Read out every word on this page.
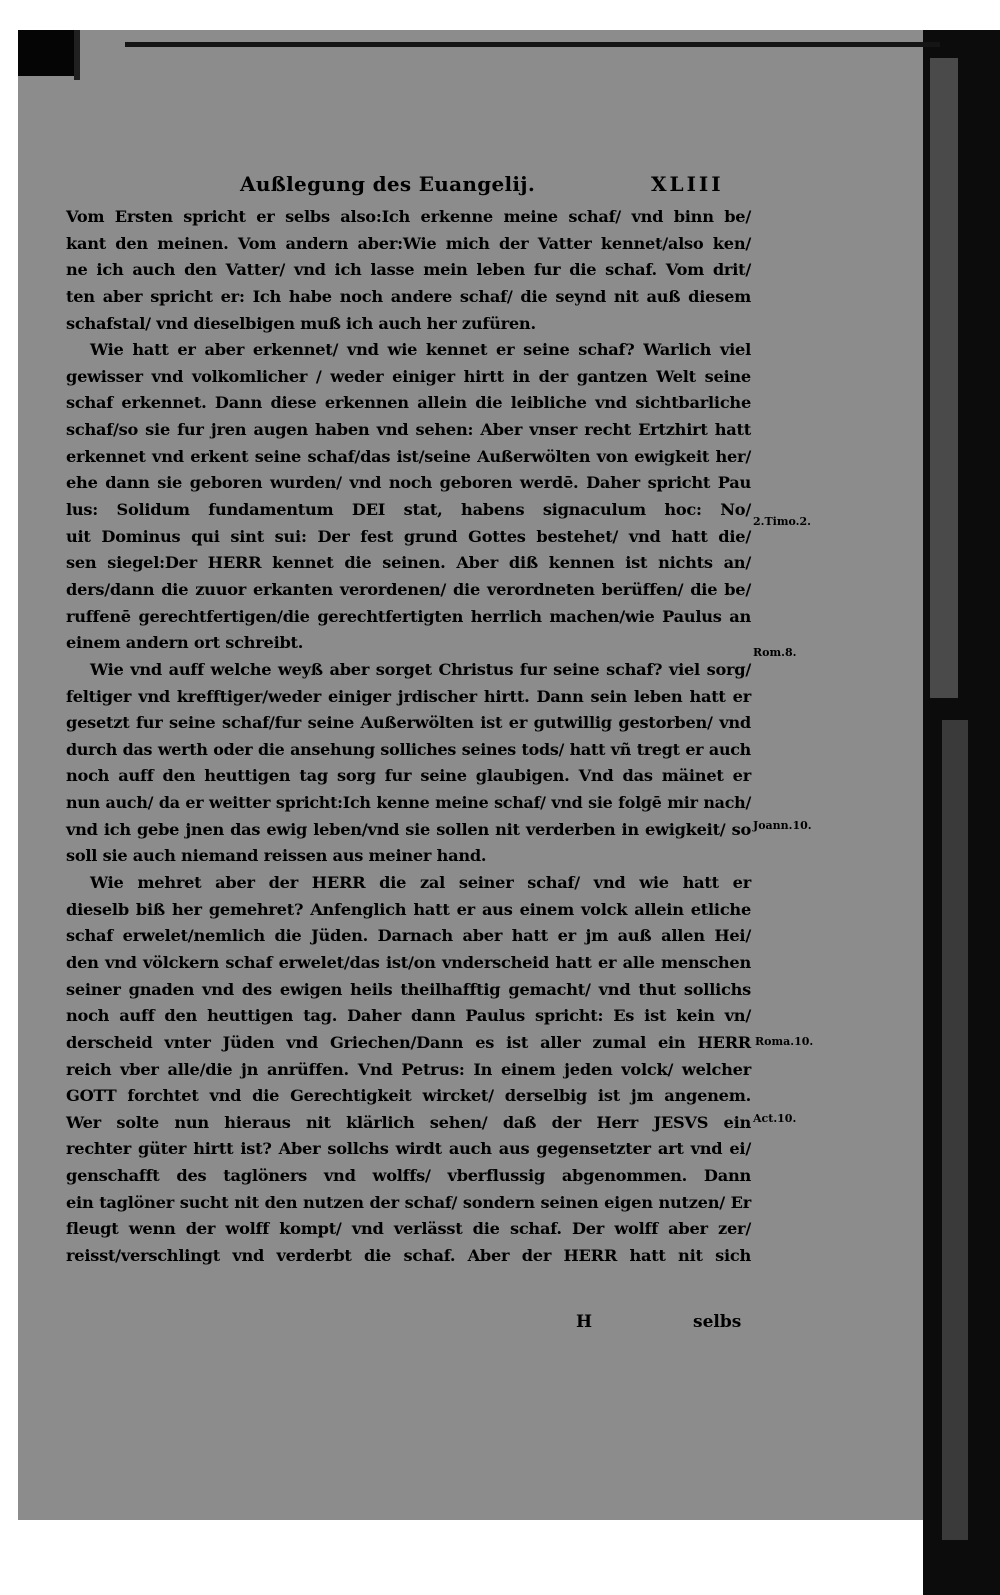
Außlegung des Euangelij.	XLIII
Vom Ersten spricht er selbs also:Ich erkenne meine schaf/ vnd binn be/
kant den meinen. Vom andern aber:Wie mich der Vatter kennet/also ken/
ne ich auch den Vatter/ vnd ich lasse mein leben fur die schaf. Vom drit/
ten aber spricht er: Ich habe noch andere schaf/ die seynd nit auß diesem
schafstal/ vnd dieselbigen muß ich auch her zufüren.
Wie hatt er aber erkennet/ vnd wie kennet er seine schaf? Warlich viel
gewisser vnd volkomlicher / weder einiger hirtt in der gantzen Welt seine
schaf erkennet. Dann diese erkennen allein die leibliche vnd sichtbarliche
schaf/so sie fur jren augen haben vnd sehen: Aber vnser recht Ertzhirt hatt
erkennet vnd erkent seine schaf/das ist/seine Außerwölten von ewigkeit her/
ehe dann sie geboren wurden/ vnd noch geboren werdē. Daher spricht Pau
lus: Solidum fundamentum DEI stat, habens signaculum hoc: No/
uit Dominus qui sint sui: Der fest grund Gottes bestehet/ vnd hatt die/
sen siegel:Der HERR kennet die seinen. Aber diß kennen ist nichts an/
ders/dann die zuuor erkanten verordenen/ die verordneten berüffen/ die be/
ruffenē gerechtfertigen/die gerechtfertigten herrlich machen/wie Paulus an
einem andern ort schreibt.
Wie vnd auff welche weyß aber sorget Christus fur seine schaf? viel sorg/
feltiger vnd krefftiger/weder einiger jrdischer hirtt. Dann sein leben hatt er
gesetzt fur seine schaf/fur seine Außerwölten ist er gutwillig gestorben/ vnd
durch das werth oder die ansehung solliches seines tods/ hatt vñ tregt er auch
noch auff den heuttigen tag sorg fur seine glaubigen. Vnd das mäinet er
nun auch/ da er weitter spricht:Ich kenne meine schaf/ vnd sie folgē mir nach/
vnd ich gebe jnen das ewig leben/vnd sie sollen nit verderben in ewigkeit/ so
soll sie auch niemand reissen aus meiner hand.
Wie mehret aber der HERR die zal seiner schaf/ vnd wie hatt er
dieselb biß her gemehret? Anfenglich hatt er aus einem volck allein etliche
schaf erwelet/nemlich die Jüden. Darnach aber hatt er jm auß allen Hei/
den vnd völckern schaf erwelet/das ist/on vnderscheid hatt er alle menschen
seiner gnaden vnd des ewigen heils theilhafftig gemacht/ vnd thut sollichs
noch auff den heuttigen tag. Daher dann Paulus spricht: Es ist kein vn/
derscheid vnter Jüden vnd Griechen/Dann es ist aller zumal ein HERR
reich vber alle/die jn anrüffen. Vnd Petrus: In einem jeden volck/ welcher
GOTT forchtet vnd die Gerechtigkeit wircket/ derselbig ist jm angenem.
Wer solte nun hieraus nit klärlich sehen/ daß der Herr JESVS ein
rechter güter hirtt ist? Aber sollchs wirdt auch aus gegensetzter art vnd ei/
genschafft des taglöners vnd wolffs/ vberflussig abgenommen. Dann
ein taglöner sucht nit den nutzen der schaf/ sondern seinen eigen nutzen/ Er
fleugt wenn der wolff kompt/ vnd verlässt die schaf. Der wolff aber zer/
reisst/verschlingt vnd verderbt die schaf. Aber der HERR hatt nit sich
2.Timo.2.
Rom.8.
Joann.10.
Roma.10.
Act.10.
H	selbs
